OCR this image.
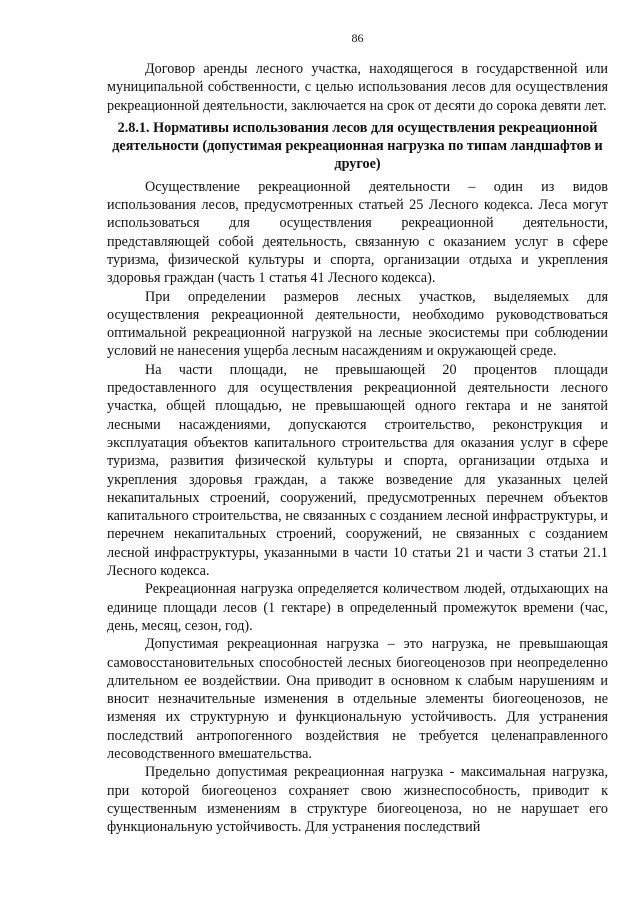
86

Договор аренды лесного участка, находящегося в государственной или муниципальной собственности, с целью использования лесов для осуществления рекреационной деятельности, заключается на срок от десяти до сорока девяти лет.

2.8.1. Нормативы использования лесов для осуществления рекреационной деятельности (допустимая рекреационная нагрузка по типам ландшафтов и другое)

Осуществление рекреационной деятельности – один из видов использования лесов, предусмотренных статьей 25 Лесного кодекса. Леса могут использоваться для осуществления рекреационной деятельности, представляющей собой деятельность, связанную с оказанием услуг в сфере туризма, физической культуры и спорта, организации отдыха и укрепления здоровья граждан (часть 1 статья 41 Лесного кодекса).

При определении размеров лесных участков, выделяемых для осуществления рекреационной деятельности, необходимо руководствоваться оптимальной рекреационной нагрузкой на лесные экосистемы при соблюдении условий не нанесения ущерба лесным насаждениям и окружающей среде.

На части площади, не превышающей 20 процентов площади предоставленного для осуществления рекреационной деятельности лесного участка, общей площадью, не превышающей одного гектара и не занятой лесными насаждениями, допускаются строительство, реконструкция и эксплуатация объектов капитального строительства для оказания услуг в сфере туризма, развития физической культуры и спорта, организации отдыха и укрепления здоровья граждан, а также возведение для указанных целей некапитальных строений, сооружений, предусмотренных перечнем объектов капитального строительства, не связанных с созданием лесной инфраструктуры, и перечнем некапитальных строений, сооружений, не связанных с созданием лесной инфраструктуры, указанными в части 10 статьи 21 и части 3 статьи 21.1 Лесного кодекса.

Рекреационная нагрузка определяется количеством людей, отдыхающих на единице площади лесов (1 гектаре) в определенный промежуток времени (час, день, месяц, сезон, год).

Допустимая рекреационная нагрузка – это нагрузка, не превышающая самовосстановительных способностей лесных биогеоценозов при неопределенно длительном ее воздействии. Она приводит в основном к слабым нарушениям и вносит незначительные изменения в отдельные элементы биогеоценозов, не изменяя их структурную и функциональную устойчивость. Для устранения последствий антропогенного воздействия не требуется целенаправленного лесоводственного вмешательства.

Предельно допустимая рекреационная нагрузка - максимальная нагрузка, при которой биогеоценоз сохраняет свою жизнеспособность, приводит к существенным изменениям в структуре биогеоценоза, но не нарушает его функциональную устойчивость. Для устранения последствий
